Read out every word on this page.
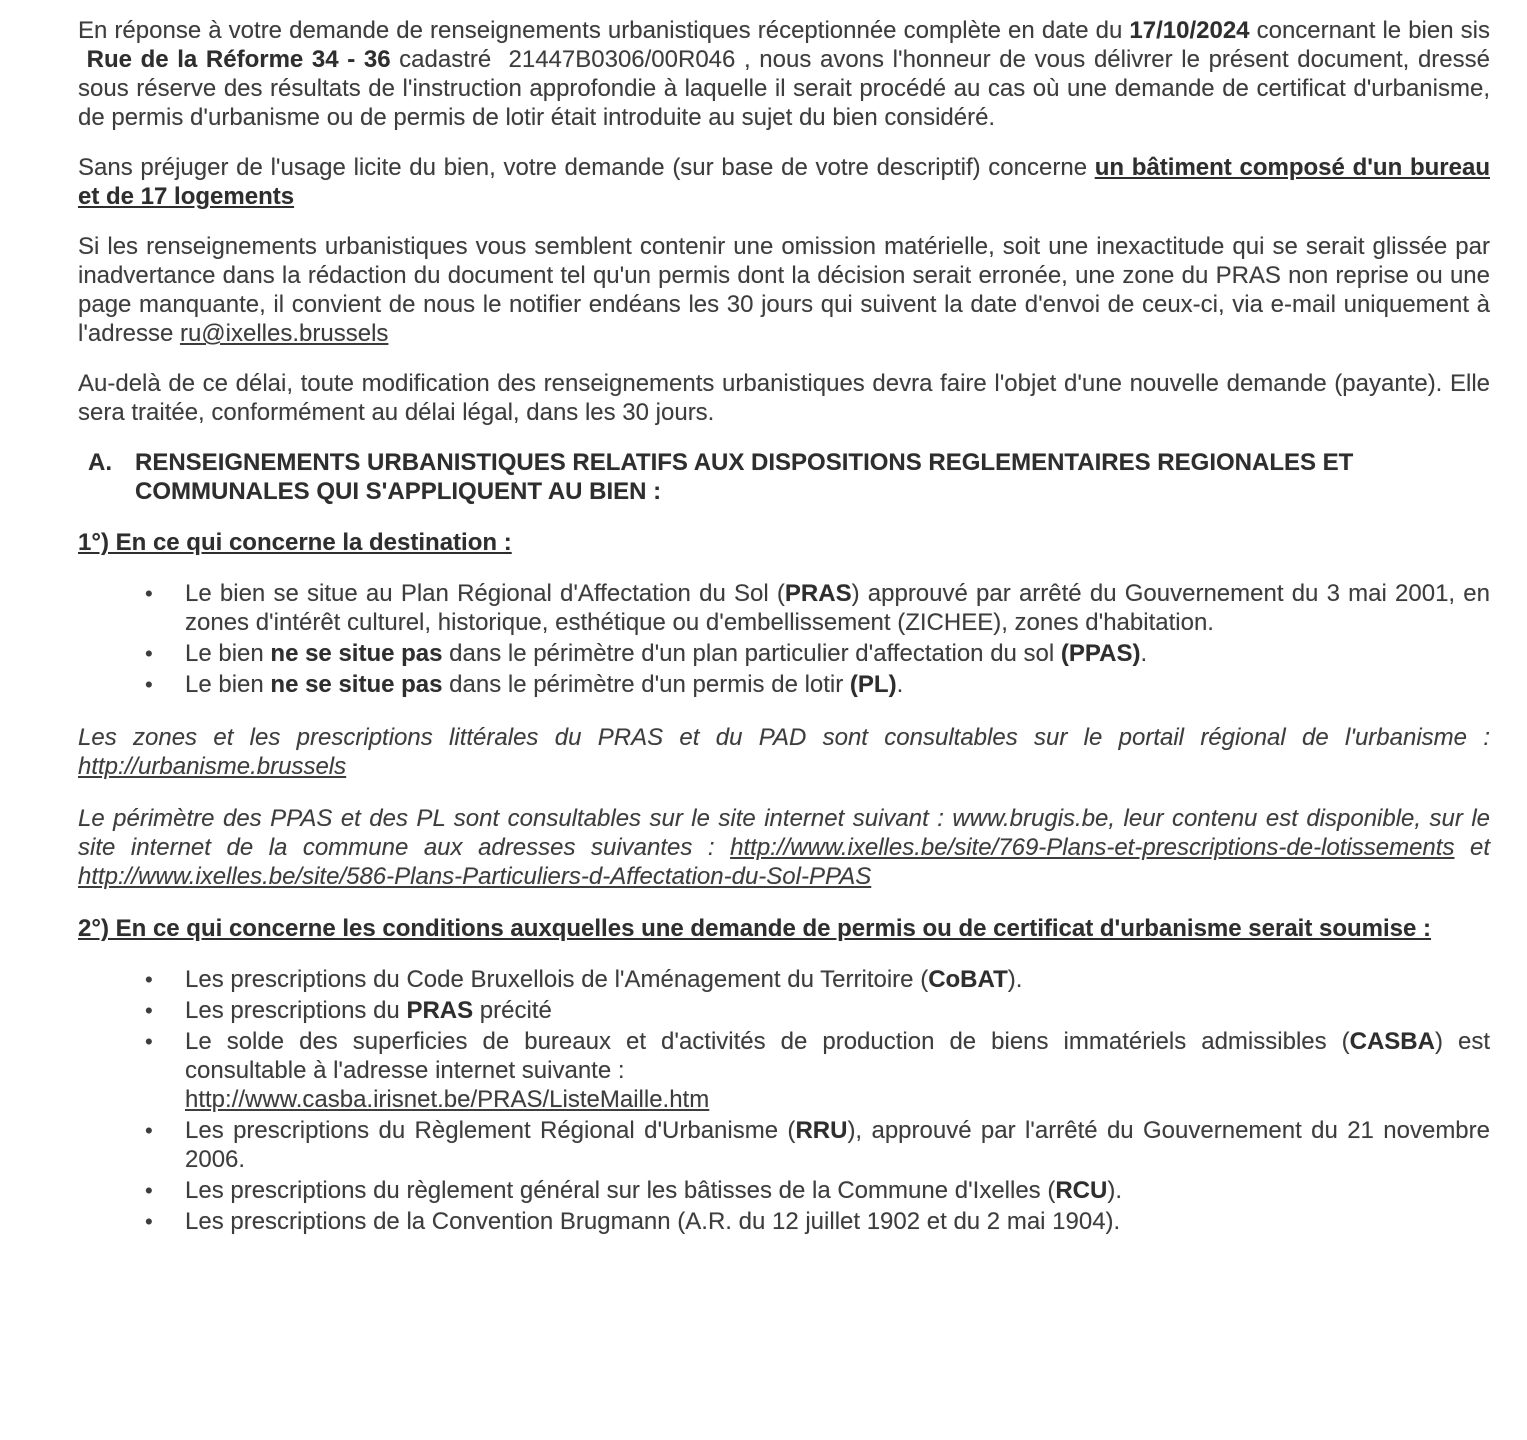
En réponse à votre demande de renseignements urbanistiques réceptionnée complète en date du 17/10/2024 concernant le bien sis  Rue de la Réforme 34 - 36 cadastré  21447B0306/00R046 , nous avons l'honneur de vous délivrer le présent document, dressé sous réserve des résultats de l'instruction approfondie à laquelle il serait procédé au cas où une demande de certificat d'urbanisme, de permis d'urbanisme ou de permis de lotir était introduite au sujet du bien considéré.

Sans préjuger de l'usage licite du bien, votre demande (sur base de votre descriptif) concerne un bâtiment composé d'un bureau et de 17 logements

Si les renseignements urbanistiques vous semblent contenir une omission matérielle, soit une inexactitude qui se serait glissée par inadvertance dans la rédaction du document tel qu'un permis dont la décision serait erronée, une zone du PRAS non reprise ou une page manquante, il convient de nous le notifier endéans les 30 jours qui suivent la date d'envoi de ceux-ci, via e-mail uniquement à l'adresse ru@ixelles.brussels

Au-delà de ce délai, toute modification des renseignements urbanistiques devra faire l'objet d'une nouvelle demande (payante). Elle sera traitée, conformément au délai légal, dans les 30 jours.

A. RENSEIGNEMENTS URBANISTIQUES RELATIFS AUX DISPOSITIONS REGLEMENTAIRES REGIONALES ET COMMUNALES QUI S'APPLIQUENT AU BIEN :
1°) En ce qui concerne la destination :
• Le bien se situe au Plan Régional d'Affectation du Sol (PRAS) approuvé par arrêté du Gouvernement du 3 mai 2001, en zones d'intérêt culturel, historique, esthétique ou d'embellissement (ZICHEE), zones d'habitation.
• Le bien ne se situe pas dans le périmètre d'un plan particulier d'affectation du sol (PPAS).
• Le bien ne se situe pas dans le périmètre d'un permis de lotir (PL).

Les zones et les prescriptions littérales du PRAS et du PAD sont consultables sur le portail régional de l'urbanisme : http://urbanisme.brussels

Le périmètre des PPAS et des PL sont consultables sur le site internet suivant : www.brugis.be, leur contenu est disponible, sur le site internet de la commune aux adresses suivantes : http://www.ixelles.be/site/769-Plans-et-prescriptions-de-lotissements et http://www.ixelles.be/site/586-Plans-Particuliers-d-Affectation-du-Sol-PPAS

2°) En ce qui concerne les conditions auxquelles une demande de permis ou de certificat d'urbanisme serait soumise :
• Les prescriptions du Code Bruxellois de l'Aménagement du Territoire (CoBAT).
• Les prescriptions du PRAS précité
• Le solde des superficies de bureaux et d'activités de production de biens immatériels admissibles (CASBA) est consultable à l'adresse internet suivante :
http://www.casba.irisnet.be/PRAS/ListeMaille.htm
• Les prescriptions du Règlement Régional d'Urbanisme (RRU), approuvé par l'arrêté du Gouvernement du 21 novembre 2006.
• Les prescriptions du règlement général sur les bâtisses de la Commune d'Ixelles (RCU).
• Les prescriptions de la Convention Brugmann (A.R. du 12 juillet 1902 et du 2 mai 1904).
